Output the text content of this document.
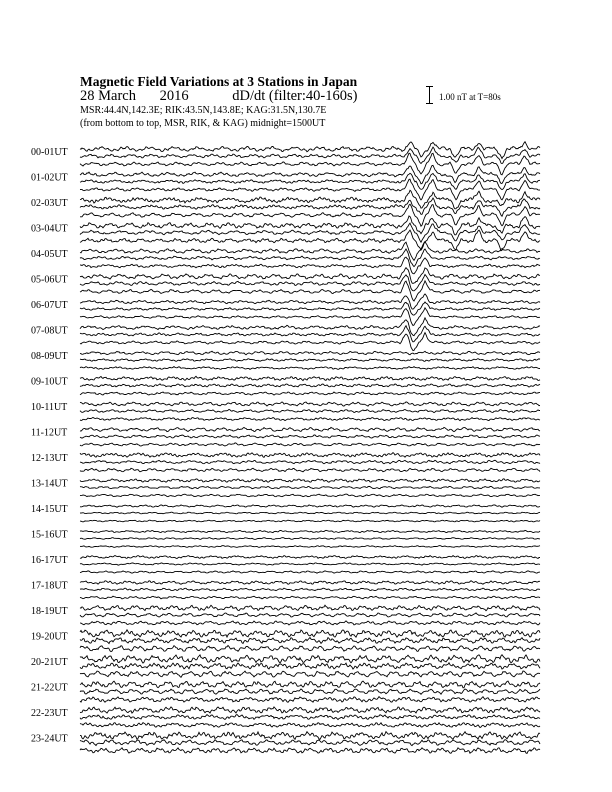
Magnetic Field Variations at 3 Stations in Japan
28 March 2016	dD/dt (filter:40-160s)
MSR:44.4N,142.3E; RIK:43.5N,143.8E; KAG:31.5N,130.7E
(from bottom to top, MSR, RIK, & KAG) midnight=1500UT
1.00 nT at T=80s
00-01UT
01-02UT
02-03UT
03-04UT
04-05UT
05-06UT
06-07UT
07-08UT
08-09UT
09-10UT
10-11UT
11-12UT
12-13UT
13-14UT
14-15UT
15-16UT
16-17UT
17-18UT
18-19UT
19-20UT
20-21UT
21-22UT
22-23UT
23-24UT
